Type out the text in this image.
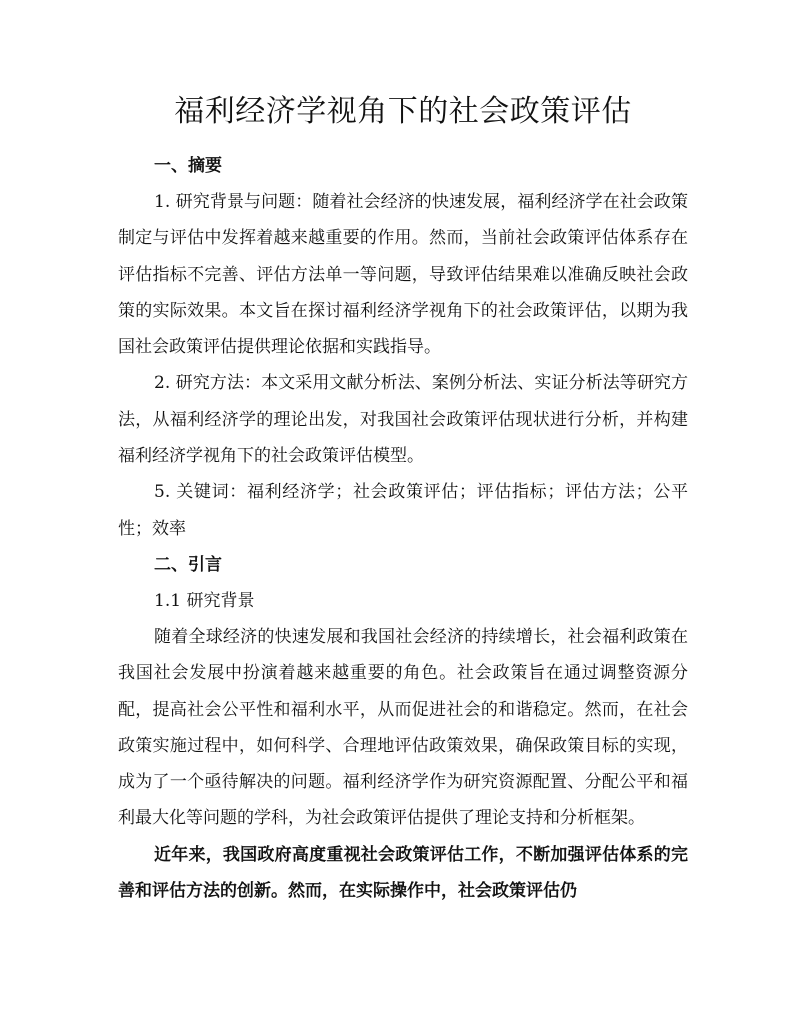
福利经济学视角下的社会政策评估

一、摘要

1. 研究背景与问题：随着社会经济的快速发展，福利经济学在社会政策制定与评估中发挥着越来越重要的作用。然而，当前社会政策评估体系存在评估指标不完善、评估方法单一等问题，导致评估结果难以准确反映社会政策的实际效果。本文旨在探讨福利经济学视角下的社会政策评估，以期为我国社会政策评估提供理论依据和实践指导。

2. 研究方法：本文采用文献分析法、案例分析法、实证分析法等研究方法，从福利经济学的理论出发，对我国社会政策评估现状进行分析，并构建福利经济学视角下的社会政策评估模型。

5. 关键词：福利经济学；社会政策评估；评估指标；评估方法；公平性；效率

二、引言

1.1 研究背景

随着全球经济的快速发展和我国社会经济的持续增长，社会福利政策在我国社会发展中扮演着越来越重要的角色。社会政策旨在通过调整资源分配，提高社会公平性和福利水平，从而促进社会的和谐稳定。然而，在社会政策实施过程中，如何科学、合理地评估政策效果，确保政策目标的实现，成为了一个亟待解决的问题。福利经济学作为研究资源配置、分配公平和福利最大化等问题的学科，为社会政策评估提供了理论支持和分析框架。

近年来，我国政府高度重视社会政策评估工作，不断加强评估体系的完善和评估方法的创新。然而，在实际操作中，社会政策评估仍
